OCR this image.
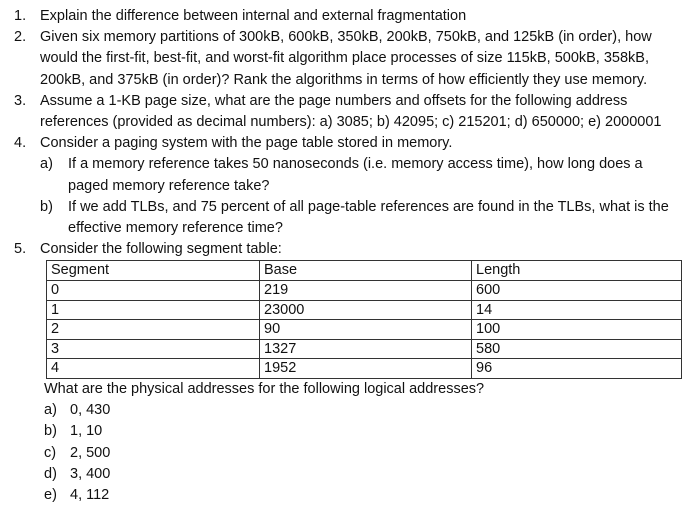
1. Explain the difference between internal and external fragmentation
2. Given six memory partitions of 300kB, 600kB, 350kB, 200kB, 750kB, and 125kB (in order), how would the first-fit, best-fit, and worst-fit algorithm place processes of size 115kB, 500kB, 358kB, 200kB, and 375kB (in order)? Rank the algorithms in terms of how efficiently they use memory.
3. Assume a 1-KB page size, what are the page numbers and offsets for the following address references (provided as decimal numbers): a) 3085; b) 42095; c) 215201; d) 650000; e) 2000001
4. Consider a paging system with the page table stored in memory.
a)	If a memory reference takes 50 nanoseconds (i.e. memory access time), how long does a paged memory reference take?
b)	If we add TLBs, and 75 percent of all page-table references are found in the TLBs, what is the effective memory reference time?
5. Consider the following segment table:
Segment	Base	Length
0	219	600
1	23000	14
2	90	100
3	1327	580
4	1952	96
What are the physical addresses for the following logical addresses?
a) 0, 430
b) 1, 10
c) 2, 500
d) 3, 400
e) 4, 112
